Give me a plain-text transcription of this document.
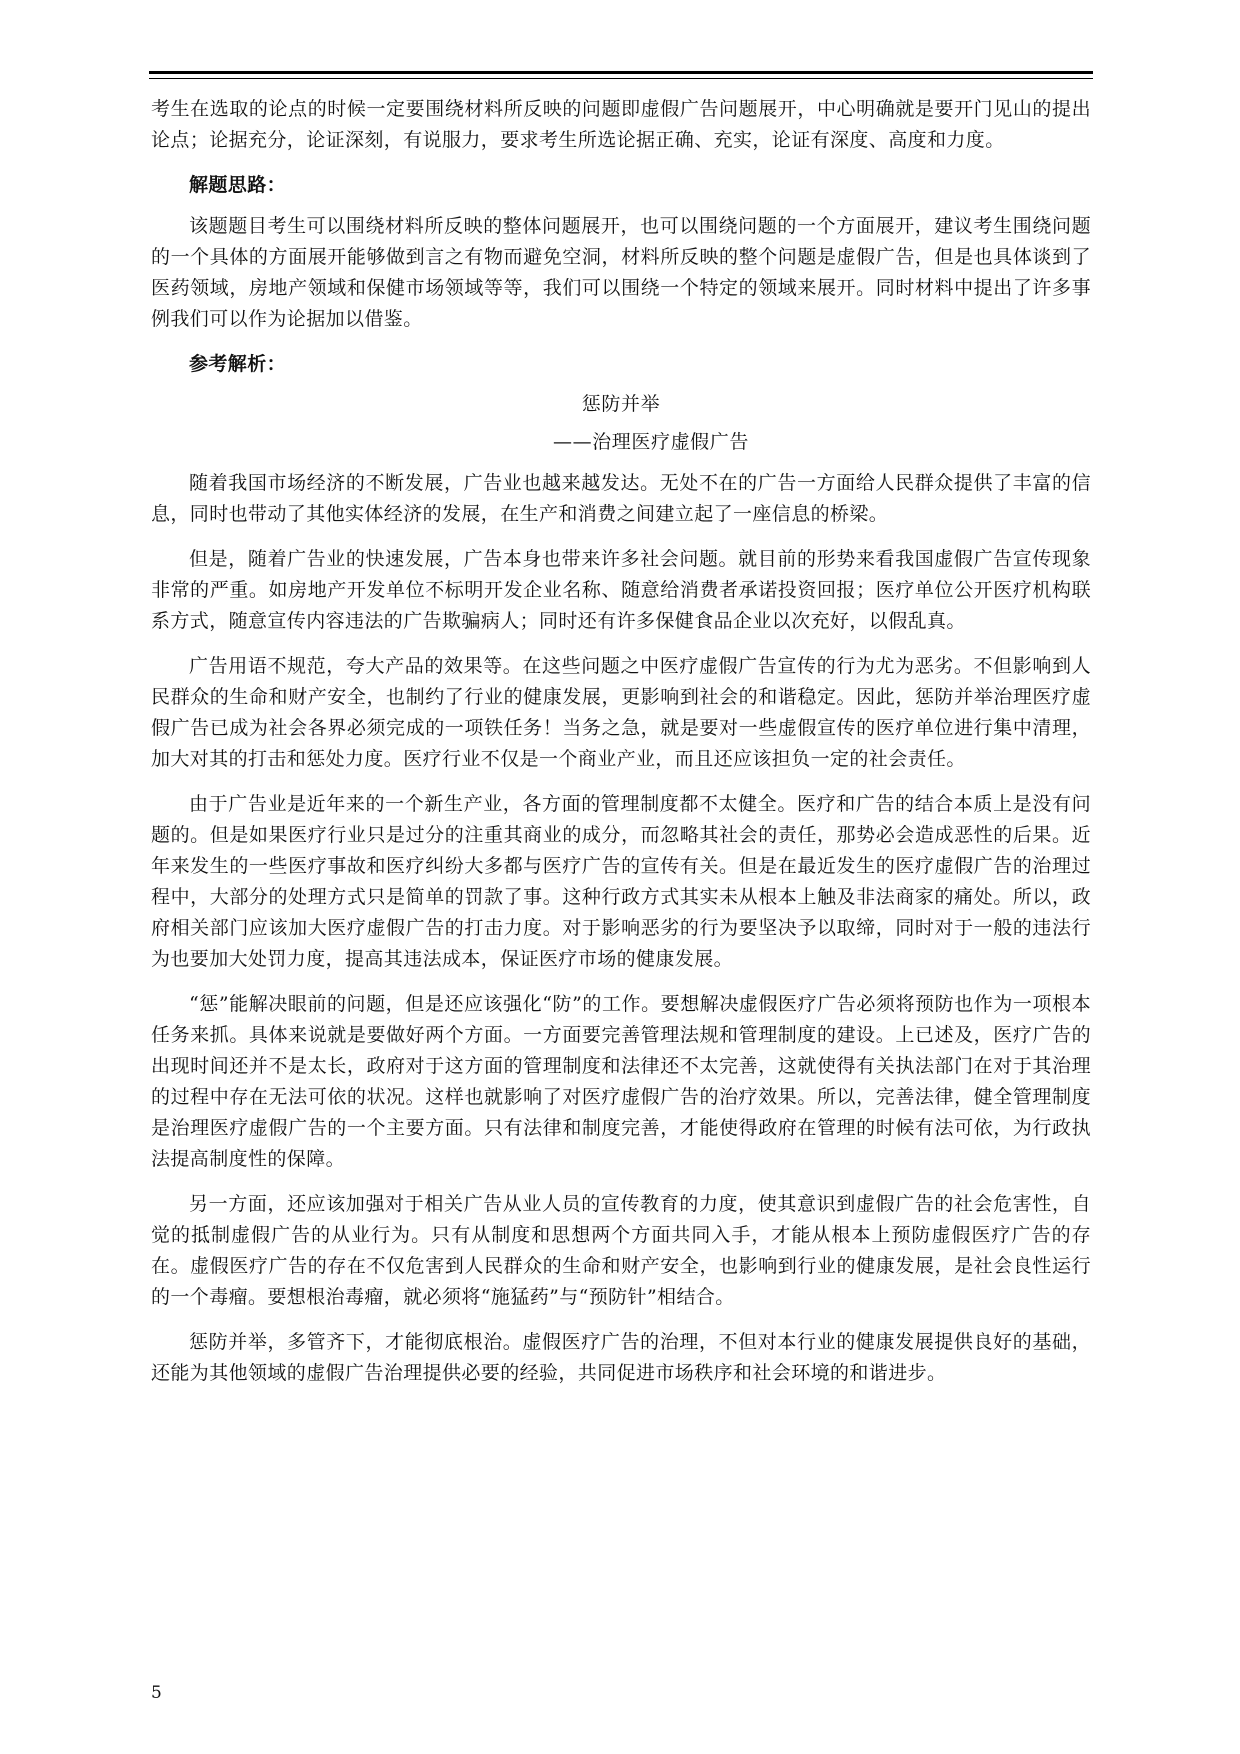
考生在选取的论点的时候一定要围绕材料所反映的问题即虚假广告问题展开，中心明确就是要开门见山的提出论点；论据充分，论证深刻，有说服力，要求考生所选论据正确、充实，论证有深度、高度和力度。

解题思路：

该题题目考生可以围绕材料所反映的整体问题展开，也可以围绕问题的一个方面展开，建议考生围绕问题的一个具体的方面展开能够做到言之有物而避免空洞，材料所反映的整个问题是虚假广告，但是也具体谈到了医药领域，房地产领域和保健市场领域等等，我们可以围绕一个特定的领域来展开。同时材料中提出了许多事例我们可以作为论据加以借鉴。

参考解析：

惩防并举

——治理医疗虚假广告

随着我国市场经济的不断发展，广告业也越来越发达。无处不在的广告一方面给人民群众提供了丰富的信息，同时也带动了其他实体经济的发展，在生产和消费之间建立起了一座信息的桥梁。

但是，随着广告业的快速发展，广告本身也带来许多社会问题。就目前的形势来看我国虚假广告宣传现象非常的严重。如房地产开发单位不标明开发企业名称、随意给消费者承诺投资回报；医疗单位公开医疗机构联系方式，随意宣传内容违法的广告欺骗病人；同时还有许多保健食品企业以次充好，以假乱真。

广告用语不规范，夸大产品的效果等。在这些问题之中医疗虚假广告宣传的行为尤为恶劣。不但影响到人民群众的生命和财产安全，也制约了行业的健康发展，更影响到社会的和谐稳定。因此，惩防并举治理医疗虚假广告已成为社会各界必须完成的一项铁任务！当务之急，就是要对一些虚假宣传的医疗单位进行集中清理，加大对其的打击和惩处力度。医疗行业不仅是一个商业产业，而且还应该担负一定的社会责任。

由于广告业是近年来的一个新生产业，各方面的管理制度都不太健全。医疗和广告的结合本质上是没有问题的。但是如果医疗行业只是过分的注重其商业的成分，而忽略其社会的责任，那势必会造成恶性的后果。近年来发生的一些医疗事故和医疗纠纷大多都与医疗广告的宣传有关。但是在最近发生的医疗虚假广告的治理过程中，大部分的处理方式只是简单的罚款了事。这种行政方式其实未从根本上触及非法商家的痛处。所以，政府相关部门应该加大医疗虚假广告的打击力度。对于影响恶劣的行为要坚决予以取缔，同时对于一般的违法行为也要加大处罚力度，提高其违法成本，保证医疗市场的健康发展。

“惩”能解决眼前的问题，但是还应该强化“防”的工作。要想解决虚假医疗广告必须将预防也作为一项根本任务来抓。具体来说就是要做好两个方面。一方面要完善管理法规和管理制度的建设。上已述及，医疗广告的出现时间还并不是太长，政府对于这方面的管理制度和法律还不太完善，这就使得有关执法部门在对于其治理的过程中存在无法可依的状况。这样也就影响了对医疗虚假广告的治疗效果。所以，完善法律，健全管理制度是治理医疗虚假广告的一个主要方面。只有法律和制度完善，才能使得政府在管理的时候有法可依，为行政执法提高制度性的保障。

另一方面，还应该加强对于相关广告从业人员的宣传教育的力度，使其意识到虚假广告的社会危害性，自觉的抵制虚假广告的从业行为。只有从制度和思想两个方面共同入手，才能从根本上预防虚假医疗广告的存在。虚假医疗广告的存在不仅危害到人民群众的生命和财产安全，也影响到行业的健康发展，是社会良性运行的一个毒瘤。要想根治毒瘤，就必须将“施猛药”与“预防针”相结合。

惩防并举，多管齐下，才能彻底根治。虚假医疗广告的治理，不但对本行业的健康发展提供良好的基础，还能为其他领域的虚假广告治理提供必要的经验，共同促进市场秩序和社会环境的和谐进步。

5
